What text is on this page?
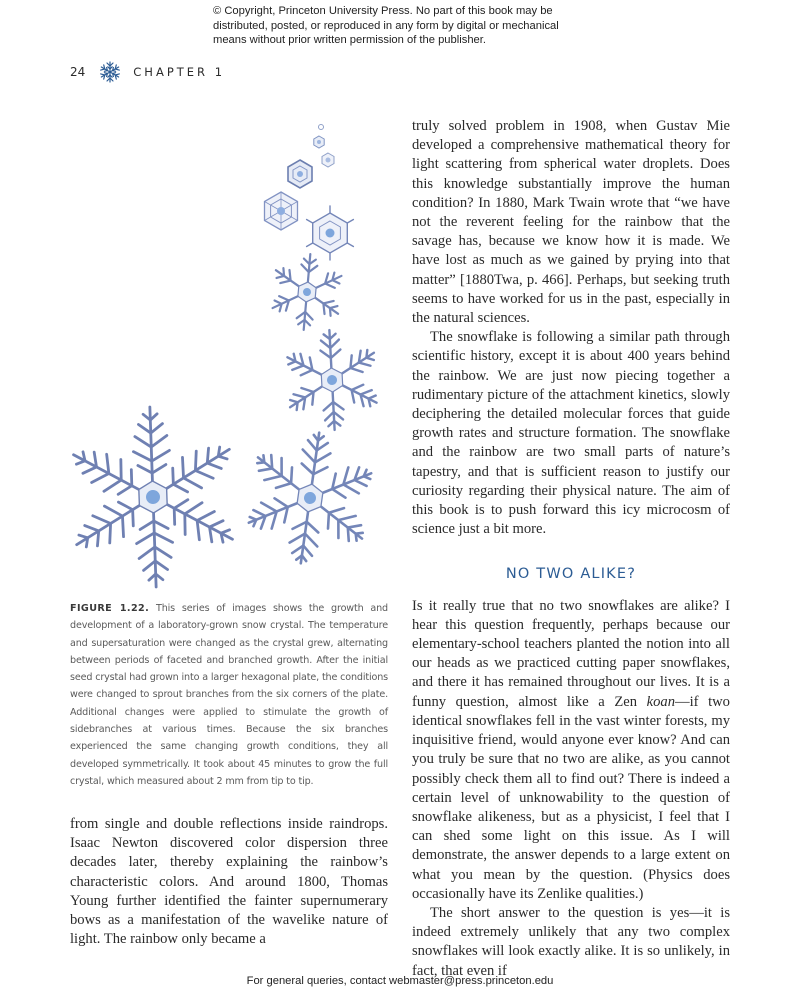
© Copyright, Princeton University Press. No part of this book may be
distributed, posted, or reproduced in any form by digital or mechanical
means without prior written permission of the publisher.
24	CHAPTER 1
FIGURE 1.22. This series of images shows the growth and development of a laboratory-grown snow crystal. The temperature and supersaturation were changed as the crystal grew, alternating between periods of faceted and branched growth. After the initial seed crystal had grown into a larger hexagonal plate, the conditions were changed to sprout branches from the six corners of the plate. Additional changes were applied to stimulate the growth of sidebranches at various times. Because the six branches experienced the same changing growth conditions, they all developed symmetrically. It took about 45 minutes to grow the full crystal, which measured about 2 mm from tip to tip.

from single and double reflections inside raindrops. Isaac Newton discovered color dispersion three decades later, thereby explaining the rainbow’s characteristic colors. And around 1800, Thomas Young further identified the fainter supernumerary bows as a manifestation of the wavelike nature of light. The rainbow only became a

truly solved problem in 1908, when Gustav Mie developed a comprehensive mathematical theory for light scattering from spherical water droplets. Does this knowledge substantially improve the human condition? In 1880, Mark Twain wrote that “we have not the reverent feeling for the rainbow that the savage has, because we know how it is made. We have lost as much as we gained by prying into that matter” [1880Twa, p. 466]. Perhaps, but seeking truth seems to have worked for us in the past, especially in the natural sciences.

The snowflake is following a similar path through scientific history, except it is about 400 years behind the rainbow. We are just now piecing together a rudimentary picture of the attachment kinetics, slowly deciphering the detailed molecular forces that guide growth rates and structure formation. The snowflake and the rainbow are two small parts of nature’s tapestry, and that is sufficient reason to justify our curiosity regarding their physical nature. The aim of this book is to push forward this icy microcosm of science just a bit more.

NO TWO ALIKE?

Is it really true that no two snowflakes are alike? I hear this question frequently, perhaps because our elementary-school teachers planted the notion into all our heads as we practiced cutting paper snowflakes, and there it has remained throughout our lives. It is a funny question, almost like a Zen koan—if two identical snowflakes fell in the vast winter forests, my inquisitive friend, would anyone ever know? And can you truly be sure that no two are alike, as you cannot possibly check them all to find out? There is indeed a certain level of unknowability to the question of snowflake alikeness, but as a physicist, I feel that I can shed some light on this issue. As I will demonstrate, the answer depends to a large extent on what you mean by the question. (Physics does occasionally have its Zenlike qualities.)

The short answer to the question is yes—it is indeed extremely unlikely that any two complex snowflakes will look exactly alike. It is so unlikely, in fact, that even if

For general queries, contact webmaster@press.princeton.edu
